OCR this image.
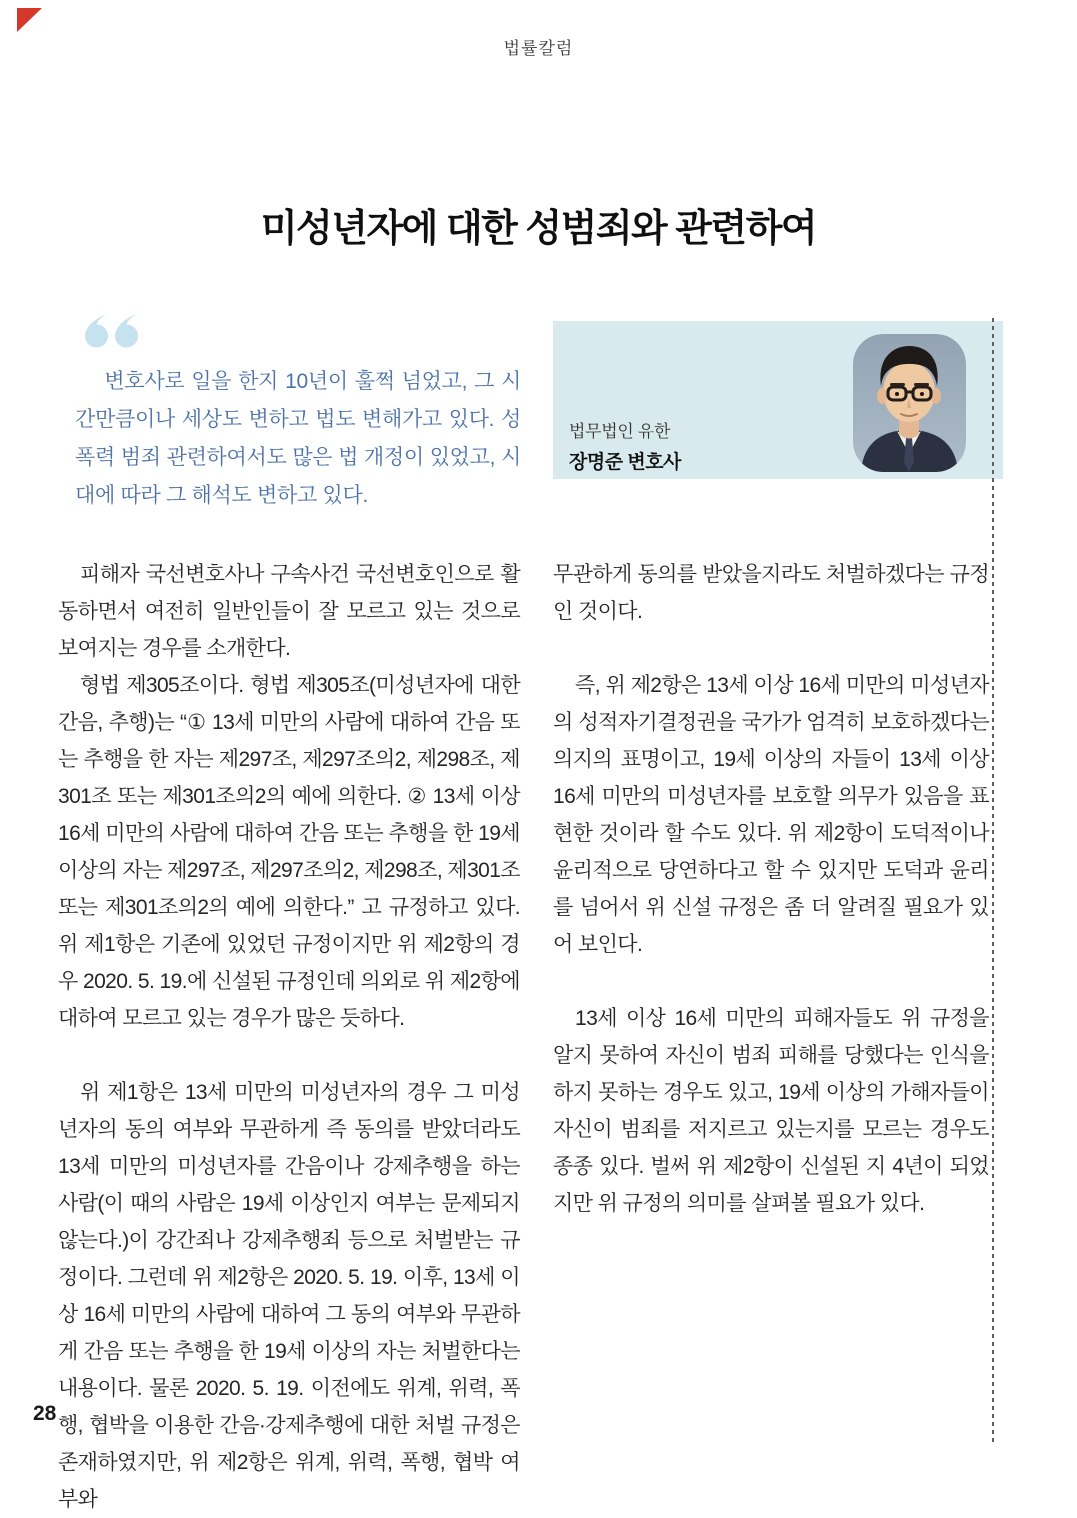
법률칼럼
미성년자에 대한 성범죄와 관련하여

변호사로 일을 한지 10년이 훌쩍 넘었고, 그 시간만큼이나 세상도 변하고 법도 변해가고 있다. 성폭력 범죄 관련하여서도 많은 법 개정이 있었고, 시대에 따라 그 해석도 변하고 있다.

법무법인 유한
장명준 변호사

피해자 국선변호사나 구속사건 국선변호인으로 활동하면서 여전히 일반인들이 잘 모르고 있는 것으로 보여지는 경우를 소개한다.

형법 제305조이다. 형법 제305조(미성년자에 대한 간음, 추행)는 “① 13세 미만의 사람에 대하여 간음 또는 추행을 한 자는 제297조, 제297조의2, 제298조, 제301조 또는 제301조의2의 예에 의한다. ② 13세 이상 16세 미만의 사람에 대하여 간음 또는 추행을 한 19세 이상의 자는 제297조, 제297조의2, 제298조, 제301조 또는 제301조의2의 예에 의한다.” 고 규정하고 있다. 위 제1항은 기존에 있었던 규정이지만 위 제2항의 경우 2020. 5. 19.에 신설된 규정인데 의외로 위 제2항에 대하여 모르고 있는 경우가 많은 듯하다.

위 제1항은 13세 미만의 미성년자의 경우 그 미성년자의 동의 여부와 무관하게 즉 동의를 받았더라도 13세 미만의 미성년자를 간음이나 강제추행을 하는 사람(이 때의 사람은 19세 이상인지 여부는 문제되지 않는다.)이 강간죄나 강제추행죄 등으로 처벌받는 규정이다. 그런데 위 제2항은 2020. 5. 19. 이후, 13세 이상 16세 미만의 사람에 대하여 그 동의 여부와 무관하게 간음 또는 추행을 한 19세 이상의 자는 처벌한다는 내용이다. 물론 2020. 5. 19. 이전에도 위계, 위력, 폭행, 협박을 이용한 간음·강제추행에 대한 처벌 규정은 존재하였지만, 위 제2항은 위계, 위력, 폭행, 협박 여부와

무관하게 동의를 받았을지라도 처벌하겠다는 규정인 것이다.

즉, 위 제2항은 13세 이상 16세 미만의 미성년자의 성적자기결정권을 국가가 엄격히 보호하겠다는 의지의 표명이고, 19세 이상의 자들이 13세 이상 16세 미만의 미성년자를 보호할 의무가 있음을 표현한 것이라 할 수도 있다. 위 제2항이 도덕적이나 윤리적으로 당연하다고 할 수 있지만 도덕과 윤리를 넘어서 위 신설 규정은 좀 더 알려질 필요가 있어 보인다.

13세 이상 16세 미만의 피해자들도 위 규정을 알지 못하여 자신이 범죄 피해를 당했다는 인식을 하지 못하는 경우도 있고, 19세 이상의 가해자들이 자신이 범죄를 저지르고 있는지를 모르는 경우도 종종 있다. 벌써 위 제2항이 신설된 지 4년이 되었지만 위 규정의 의미를 살펴볼 필요가 있다.

28
